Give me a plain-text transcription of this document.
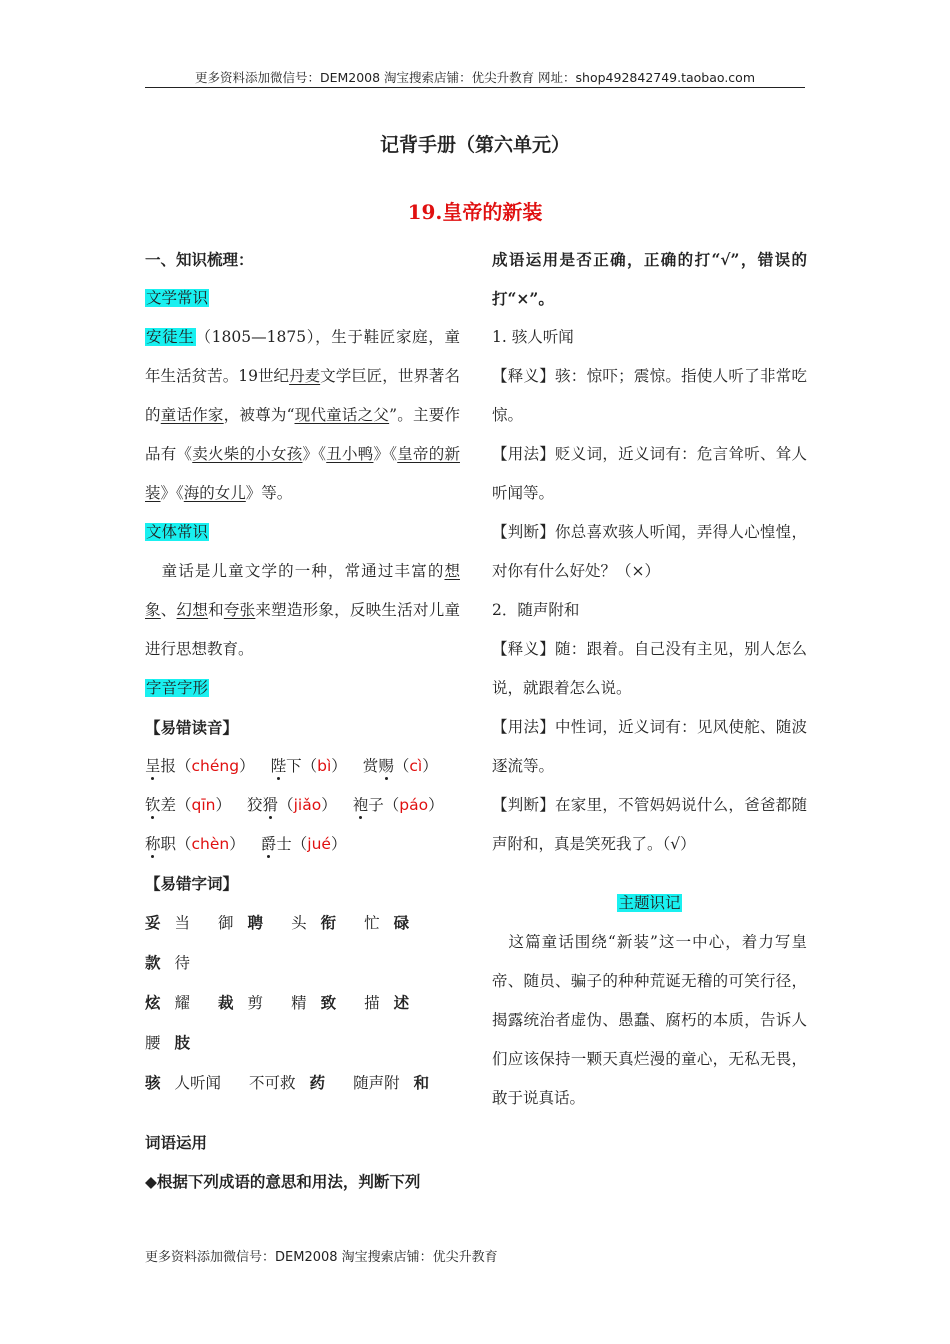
更多资料添加微信号：DEM2008 淘宝搜索店铺：优尖升教育 网址：shop492842749.taobao.com
记背手册（第六单元）
19.皇帝的新装

一、知识梳理：

文学常识

安徒生（1805—1875），生于鞋匠家庭，童年生活贫苦。19世纪丹麦文学巨匠，世界著名的童话作家，被尊为“现代童话之父”。主要作品有《卖火柴的小女孩》《丑小鸭》《皇帝的新装》《海的女儿》等。

文体常识

　童话是儿童文学的一种，常通过丰富的想象、幻想和夸张来塑造形象，反映生活对儿童进行思想教育。

字音字形

【易错读音】

呈报（chéng） 陛下（bì） 赏赐（cì）

钦差（qīn） 狡猾（jiǎo） 袍子（páo）

称职（chèn） 爵士（jué）

【易错字词】

妥 当 御 聘 头 衔 忙 碌款 待

炫 耀 裁 剪 精 致 描 述腰 肢

骇 人听闻 不可救 药 随声附 和

词语运用

◆根据下列成语的意思和用法，判断下列

成语运用是否正确，正确的打“√”，错误的打“×”。

1. 骇人听闻

【释义】骇：惊吓；震惊。指使人听了非常吃惊。

【用法】贬义词，近义词有：危言耸听、耸人听闻等。

【判断】你总喜欢骇人听闻，弄得人心惶惶，对你有什么好处？（×）

2．随声附和

【释义】随：跟着。自己没有主见，别人怎么说，就跟着怎么说。

【用法】中性词，近义词有：见风使舵、随波逐流等。

【判断】在家里，不管妈妈说什么，爸爸都随声附和，真是笑死我了。（√）

主题识记

　这篇童话围绕“新装”这一中心，着力写皇帝、随员、骗子的种种荒诞无稽的可笑行径，揭露统治者虚伪、愚蠢、腐朽的本质，告诉人们应该保持一颗天真烂漫的童心，无私无畏，敢于说真话。

更多资料添加微信号：DEM2008 淘宝搜索店铺：优尖升教育
